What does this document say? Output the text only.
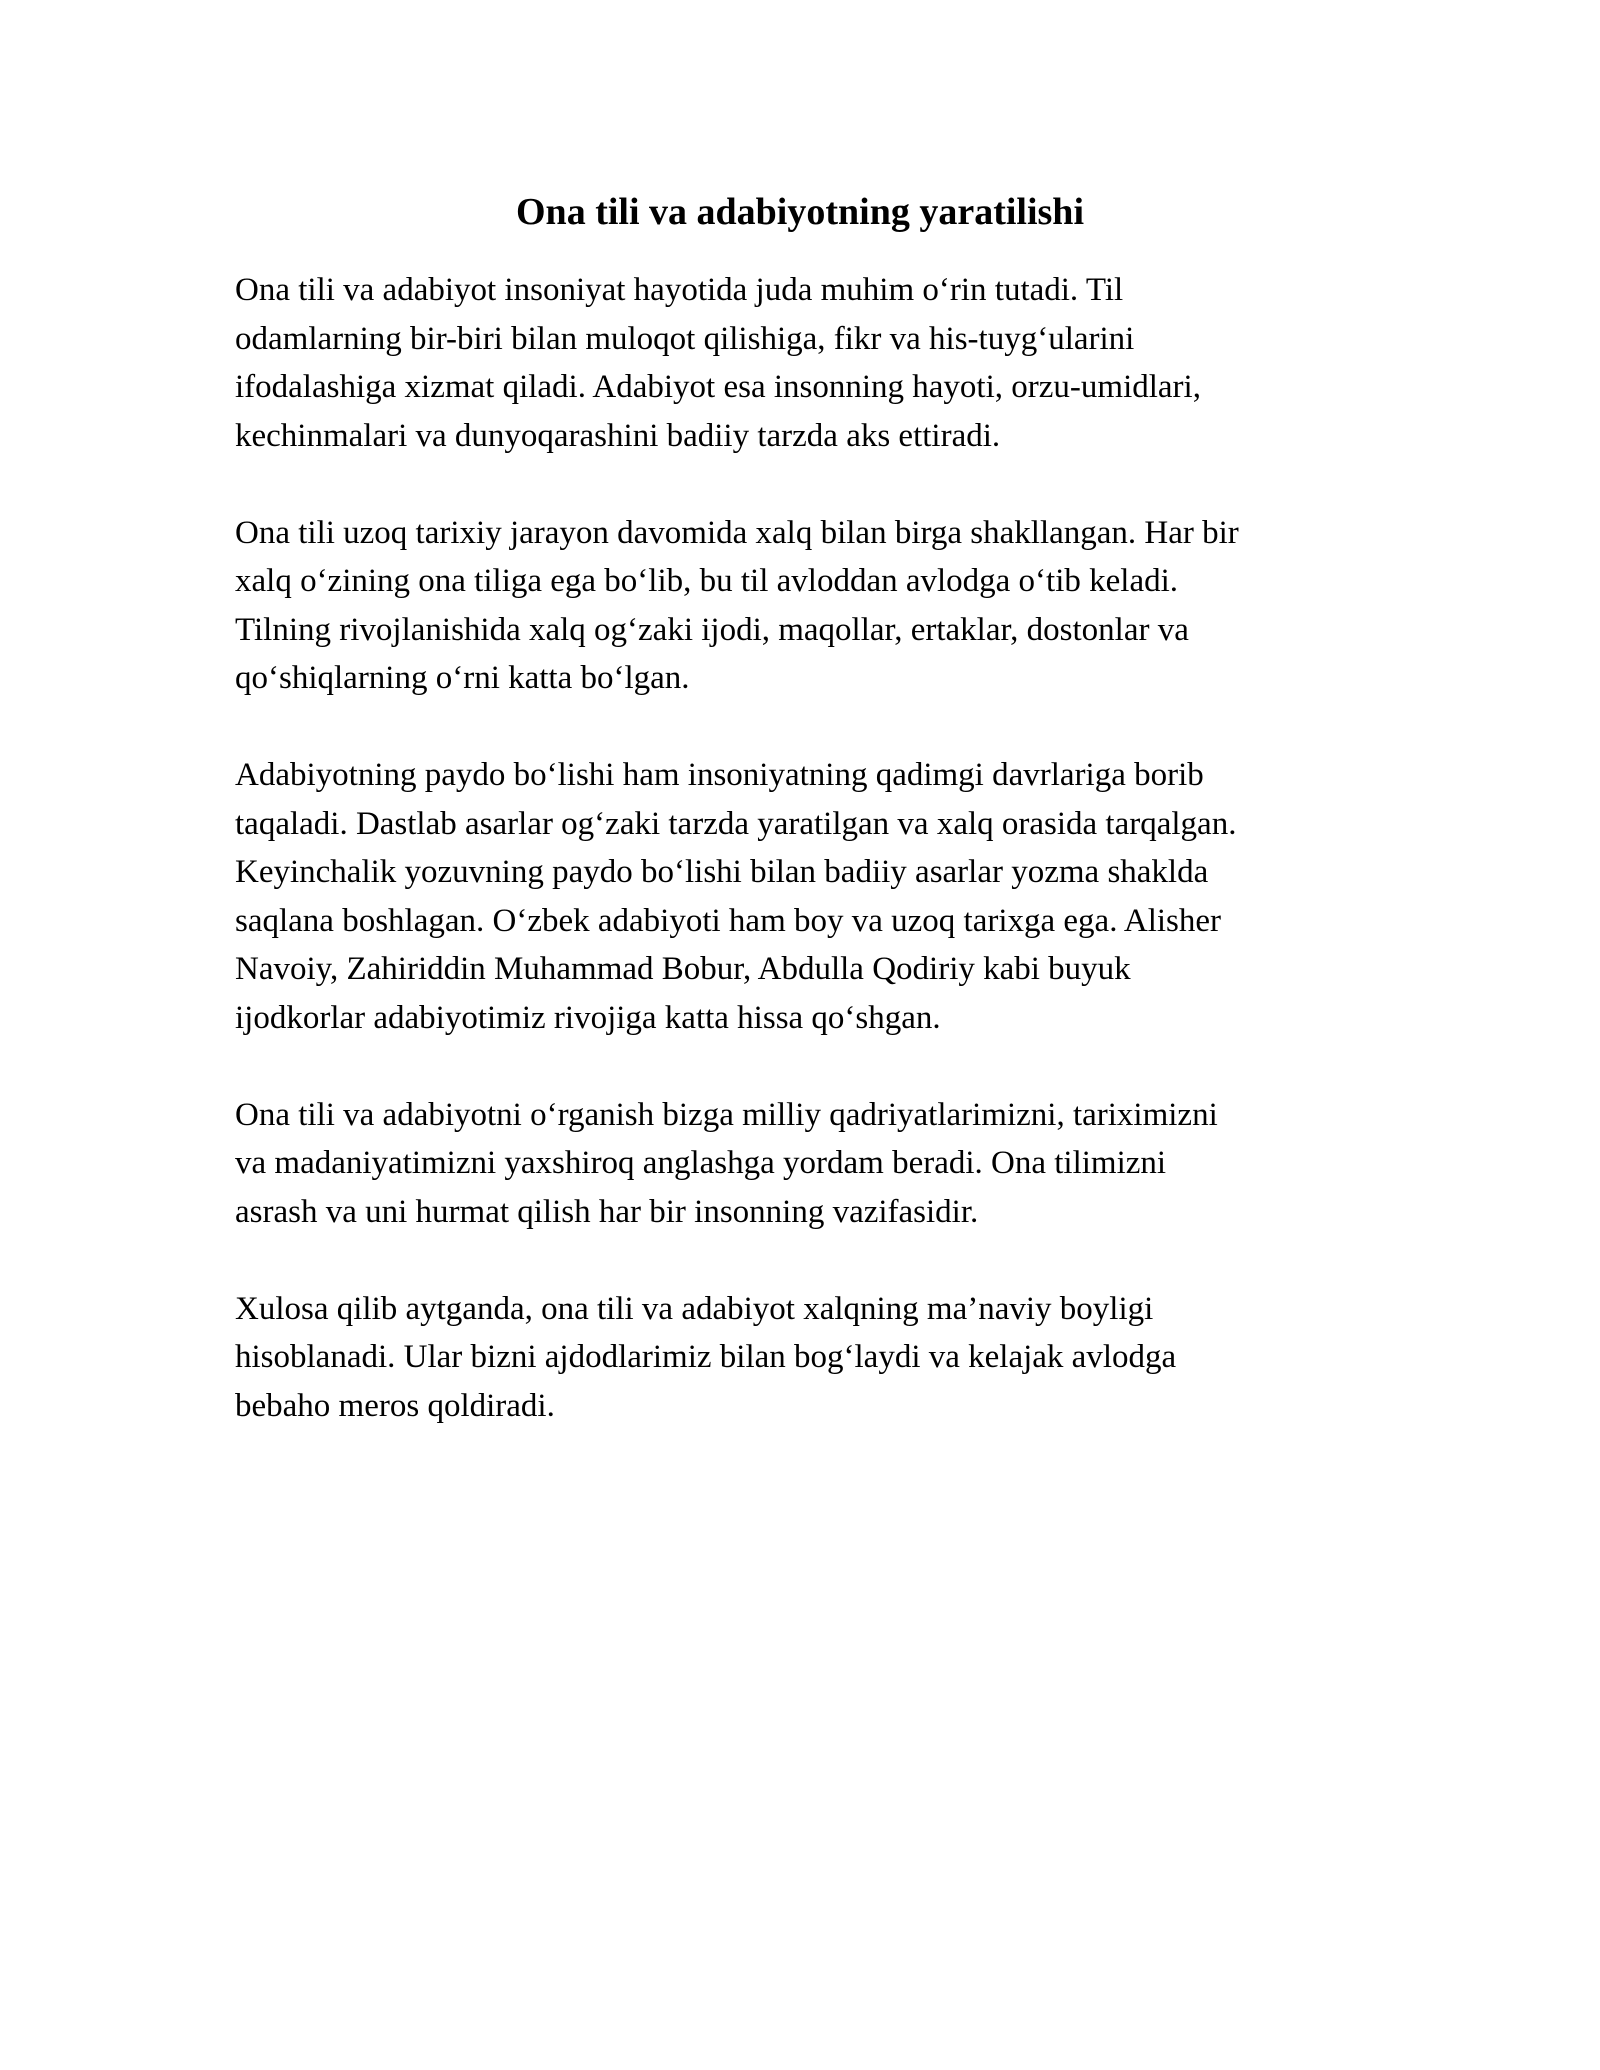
Ona tili va adabiyotning yaratilishi

Ona tili va adabiyot insoniyat hayotida juda muhim o‘rin tutadi. Til
odamlarning bir-biri bilan muloqot qilishiga, fikr va his-tuyg‘ularini
ifodalashiga xizmat qiladi. Adabiyot esa insonning hayoti, orzu-umidlari,
kechinmalari va dunyoqarashini badiiy tarzda aks ettiradi.

Ona tili uzoq tarixiy jarayon davomida xalq bilan birga shakllangan. Har bir
xalq o‘zining ona tiliga ega bo‘lib, bu til avloddan avlodga o‘tib keladi.
Tilning rivojlanishida xalq og‘zaki ijodi, maqollar, ertaklar, dostonlar va
qo‘shiqlarning o‘rni katta bo‘lgan.

Adabiyotning paydo bo‘lishi ham insoniyatning qadimgi davrlariga borib
taqaladi. Dastlab asarlar og‘zaki tarzda yaratilgan va xalq orasida tarqalgan.
Keyinchalik yozuvning paydo bo‘lishi bilan badiiy asarlar yozma shaklda
saqlana boshlagan. O‘zbek adabiyoti ham boy va uzoq tarixga ega. Alisher
Navoiy, Zahiriddin Muhammad Bobur, Abdulla Qodiriy kabi buyuk
ijodkorlar adabiyotimiz rivojiga katta hissa qo‘shgan.

Ona tili va adabiyotni o‘rganish bizga milliy qadriyatlarimizni, tariximizni
va madaniyatimizni yaxshiroq anglashga yordam beradi. Ona tilimizni
asrash va uni hurmat qilish har bir insonning vazifasidir.

Xulosa qilib aytganda, ona tili va adabiyot xalqning ma’naviy boyligi
hisoblanadi. Ular bizni ajdodlarimiz bilan bog‘laydi va kelajak avlodga
bebaho meros qoldiradi.
